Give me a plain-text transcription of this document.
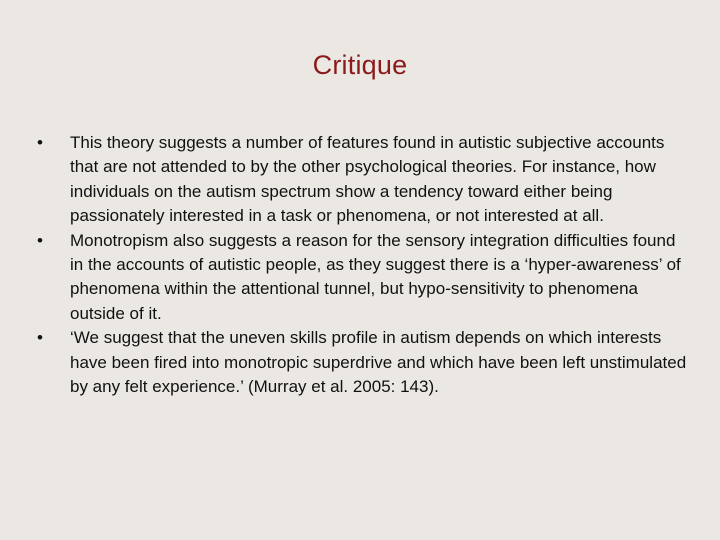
Critique
•	This theory suggests a number of features found in autistic subjective accounts that are not attended to by the other psychological theories. For instance, how individuals on the autism spectrum show a tendency toward either being passionately interested in a task or phenomena, or not interested at all.
•	Monotropism also suggests a reason for the sensory integration difficulties found in the accounts of autistic people, as they suggest there is a ‘hyper-awareness’ of phenomena within the attentional tunnel, but hypo-sensitivity to phenomena outside of it.
•	‘We suggest that the uneven skills profile in autism depends on which interests have been fired into monotropic superdrive and which have been left unstimulated by any felt experience.’ (Murray et al. 2005: 143).
